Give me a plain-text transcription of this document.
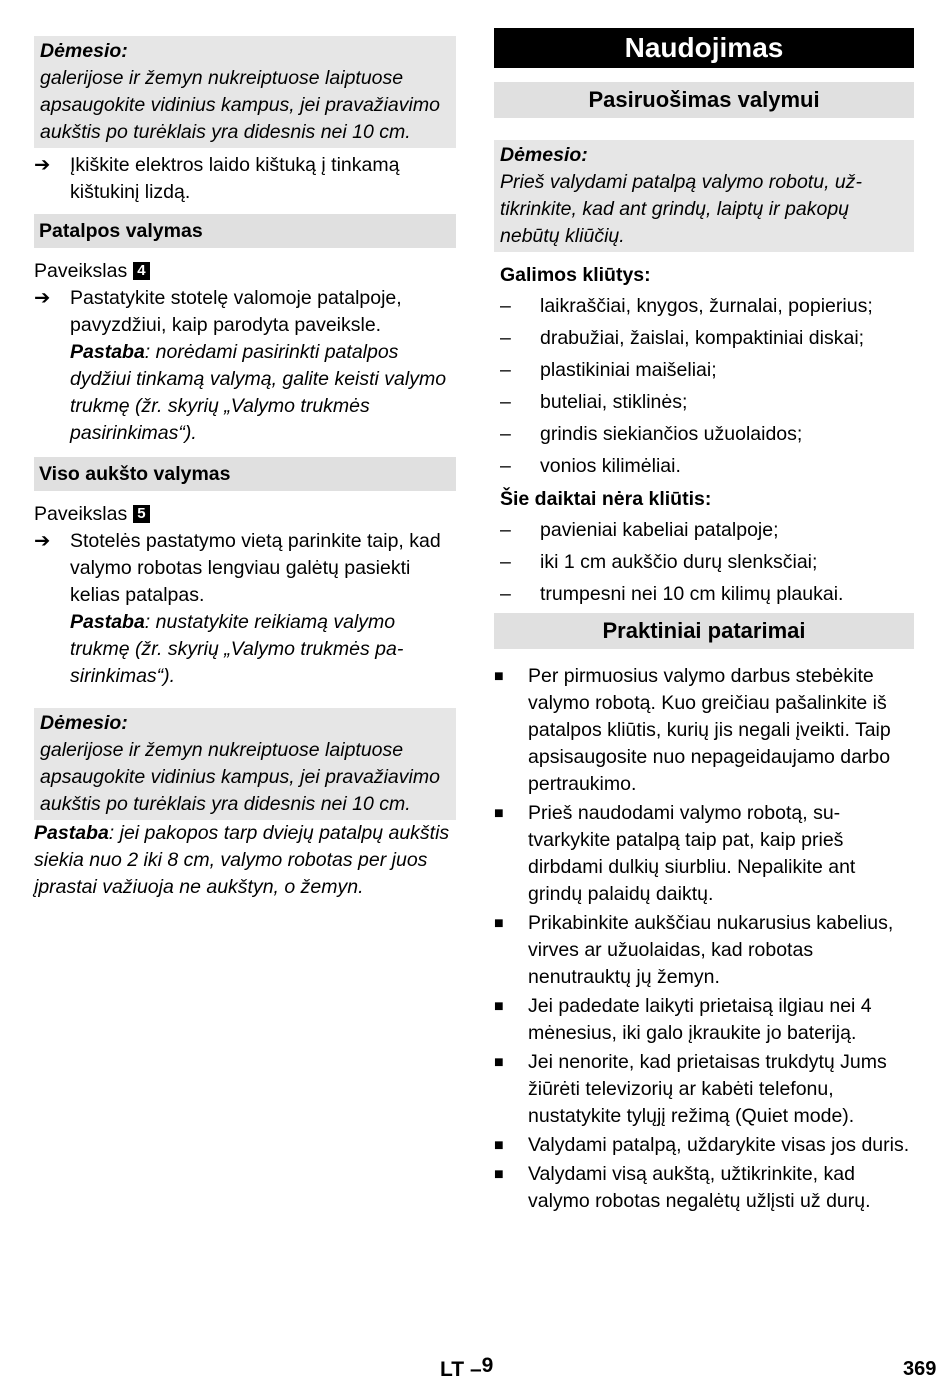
Dėmesio:
galerijose ir žemyn nukreiptuose laiptuose apsaugokite vidinius kampus, jei pravažiavimo aukštis po turėklais yra didesnis nei 10 cm.
➔	Įkiškite elektros laido kištuką į tinkamą kištukinį lizdą.
Patalpos valymas
Paveikslas 4
➔	Pastatykite stotelę valomoje patalpoje, pavyzdžiui, kaip parodyta paveiksle.
Pastaba: norėdami pasirinkti patalpos dydžiui tinkamą valymą, galite keisti valymo trukmę (žr. skyrių „Valymo trukmės pasirinkimas“).
Viso aukšto valymas
Paveikslas 5
➔	Stotelės pastatymo vietą parinkite taip, kad valymo robotas lengviau galėtų pasiekti kelias patalpas.
Pastaba: nustatykite reikiamą valymo trukmę (žr. skyrių „Valymo trukmės pasirinkimas“).
Dėmesio:
galerijose ir žemyn nukreiptuose laiptuose apsaugokite vidinius kampus, jei pravažiavimo aukštis po turėklais yra didesnis nei 10 cm.
Pastaba: jei pakopos tarp dviejų patalpų aukštis siekia nuo 2 iki 8 cm, valymo robotas per juos įprastai važiuoja ne aukštyn, o žemyn.
Naudojimas
Pasiruošimas valymui
Dėmesio:
Prieš valydami patalpą valymo robotu, užtikrinkite, kad ant grindų, laiptų ir pakopų nebūtų kliūčių.
Galimos kliūtys:
–	laikraščiai, knygos, žurnalai, popierius;
–	drabužiai, žaislai, kompaktiniai diskai;
–	plastikiniai maišeliai;
–	buteliai, stiklinės;
–	grindis siekiančios užuolaidos;
–	vonios kilimėliai.
Šie daiktai nėra kliūtis:
–	pavieniai kabeliai patalpoje;
–	iki 1 cm aukščio durų slenksčiai;
–	trumpesni nei 10 cm kilimų plaukai.
Praktiniai patarimai
■	Per pirmuosius valymo darbus stebėkite valymo robotą. Kuo greičiau pašalinkite iš patalpos kliūtis, kurių jis negali įveikti. Taip apsisaugosite nuo nepageidaujamo darbo pertraukimo.
■	Prieš naudodami valymo robotą, sutvarkykite patalpą taip pat, kaip prieš dirbdami dulkių siurbliu. Nepalikite ant grindų palaidų daiktų.
■	Prikabinkite aukščiau nukarusius kabelius, virves ar užuolaidas, kad robotas nenutrauktų jų žemyn.
■	Jei padedate laikyti prietaisą ilgiau nei 4 mėnesius, iki galo įkraukite jo bateriją.
■	Jei nenorite, kad prietaisas trukdytų Jums žiūrėti televizorių ar kabėti telefonu, nustatykite tylųjį režimą (Quiet mode).
■	Valydami patalpą, uždarykite visas jos duris.
■	Valydami visą aukštą, užtikrinkite, kad valymo robotas negalėtų užlįsti už durų.
LT –9	369
